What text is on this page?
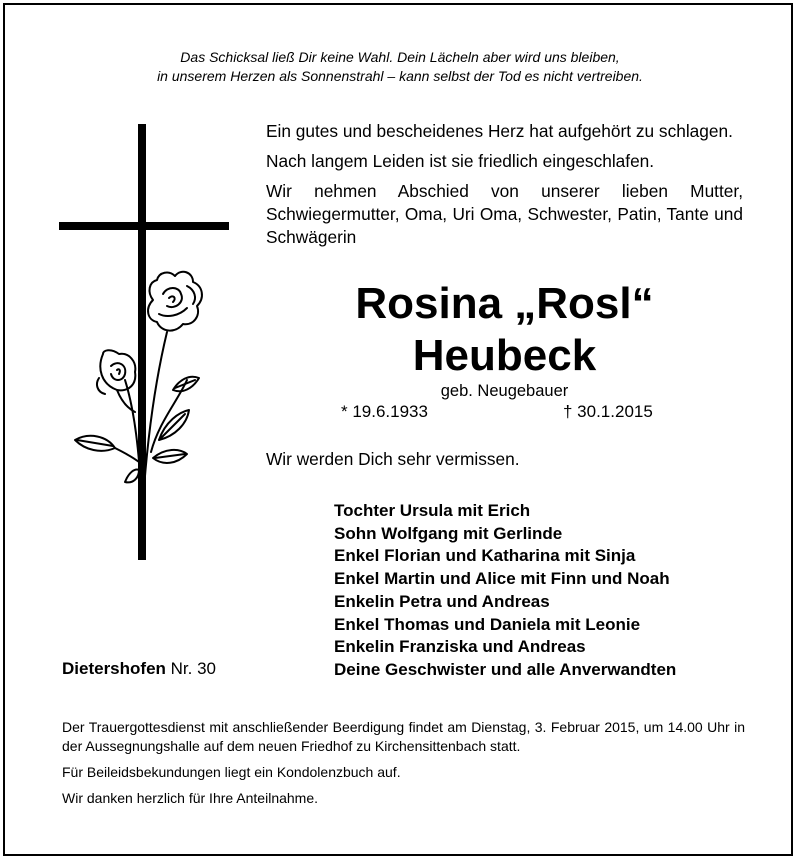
Das Schicksal ließ Dir keine Wahl. Dein Lächeln aber wird uns bleiben,
in unserem Herzen als Sonnenstrahl – kann selbst der Tod es nicht vertreiben.

Ein gutes und bescheidenes Herz hat aufgehört zu schlagen.

Nach langem Leiden ist sie friedlich eingeschlafen.

Wir nehmen Abschied von unserer lieben Mutter, Schwiegermutter, Oma, Uri Oma, Schwester, Patin, Tante und Schwägerin

Rosina „Rosl“
Heubeck
geb. Neugebauer
* 19.6.1933	† 30.1.2015
Wir werden Dich sehr vermissen.
Tochter Ursula mit Erich
Sohn Wolfgang mit Gerlinde
Enkel Florian und Katharina mit Sinja
Enkel Martin und Alice mit Finn und Noah
Enkelin Petra und Andreas
Enkel Thomas und Daniela mit Leonie
Enkelin Franziska und Andreas
Deine Geschwister und alle Anverwandten
Dietershofen Nr. 30

Der Trauergottesdienst mit anschließender Beerdigung findet am Dienstag, 3. Februar 2015, um 14.00 Uhr in der Aussegnungshalle auf dem neuen Friedhof zu Kirchensittenbach statt.

Für Beileidsbekundungen liegt ein Kondolenzbuch auf.

Wir danken herzlich für Ihre Anteilnahme.
